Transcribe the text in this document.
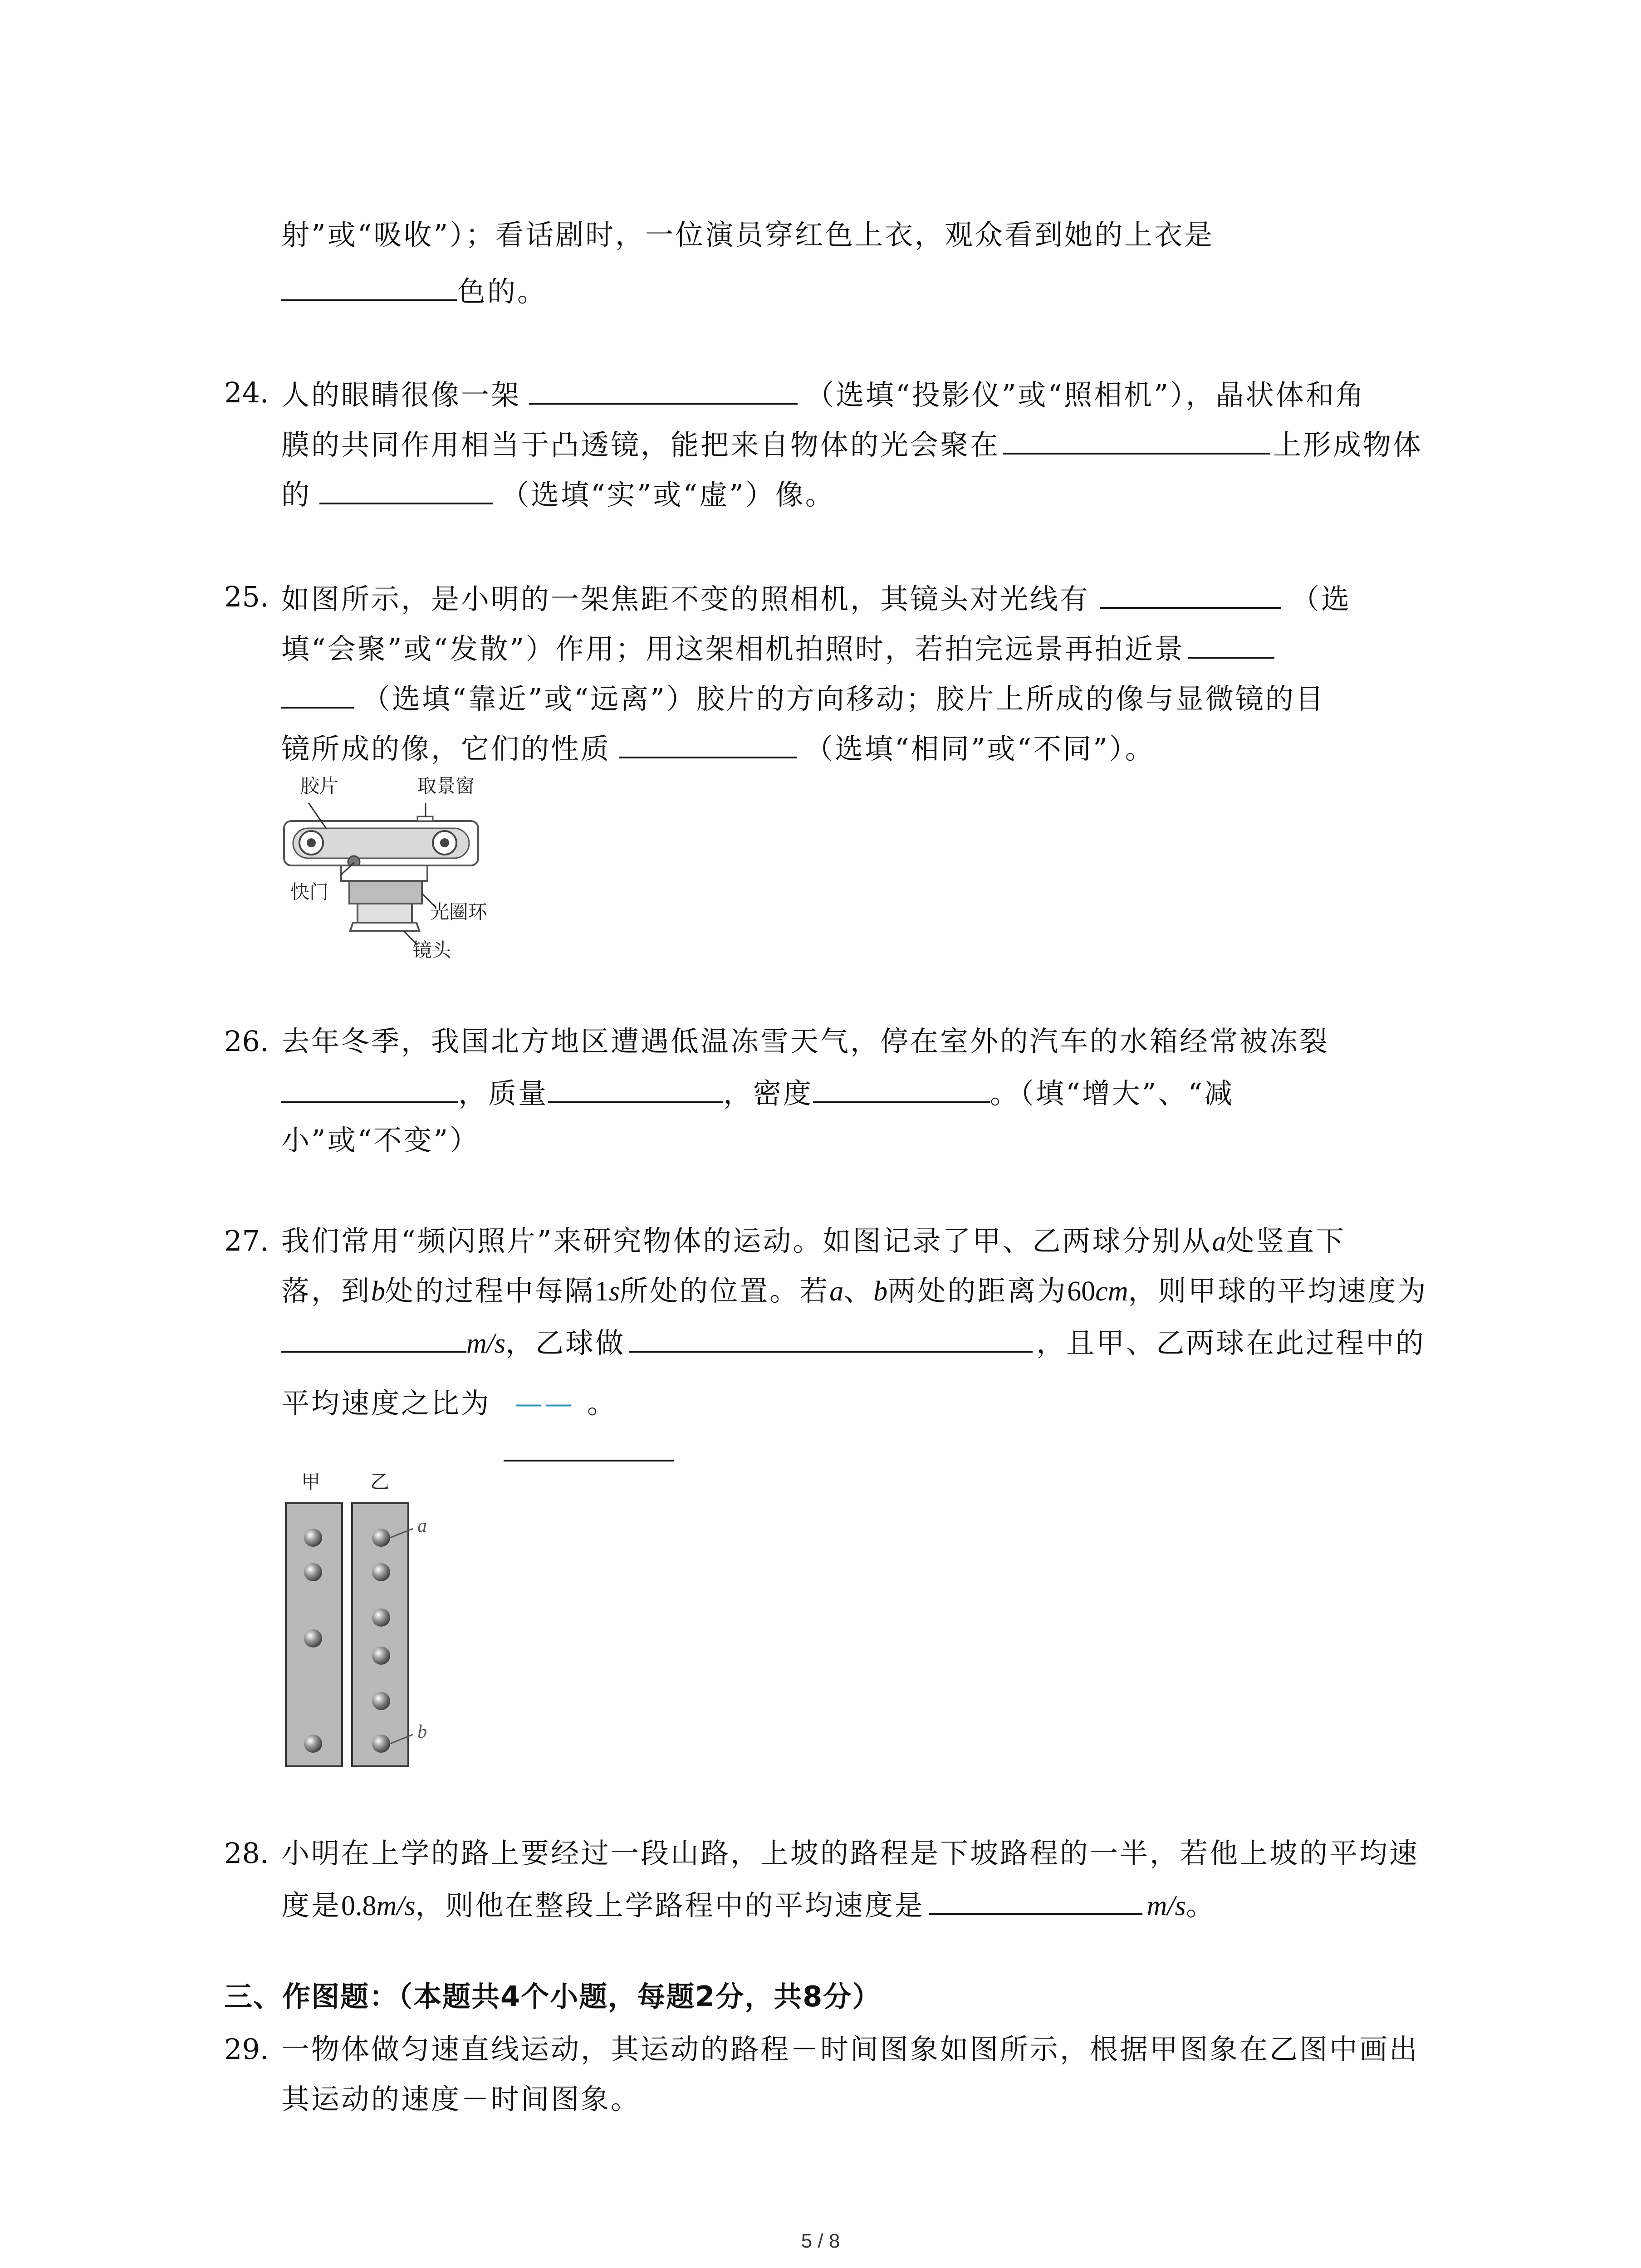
射”或“吸收”）；看话剧时，一位演员穿红色上衣，观众看到她的上衣是
色的。
24. 人的眼睛很像一架	（选填“投影仪”或“照相机”），晶状体和角
膜的共同作用相当于凸透镜，能把来自物体的光会聚在	上形成物体
的	（选填“实”或“虚”）像。
25. 如图所示，是小明的一架焦距不变的照相机，其镜头对光线有	（选
填“会聚”或“发散”）作用；用这架相机拍照时，若拍完远景再拍近景
（选填“靠近”或“远离”）胶片的方向移动；胶片上所成的像与显微镜的目
镜所成的像，它们的性质	（选填“相同”或“不同”）。
胶片	取景窗
快门
光圈环
镜头
26. 去年冬季，我国北方地区遭遇低温冻雪天气，停在室外的汽车的水箱经常被冻裂
，质量	，密度	。（填“增大”、“减
小”或“不变”）
27. 我们常用“频闪照片”来研究物体的运动。如图记录了甲、乙两球分别从a处竖直下
落，到b处的过程中每隔1s所处的位置。若a、b两处的距离为60cm，则甲球的平均速度为
m/s，乙球做	，且甲、乙两球在此过程中的
平均速度之比为 —— 。
甲	乙
a
b
28. 小明在上学的路上要经过一段山路，上坡的路程是下坡路程的一半，若他上坡的平均速
度是0.8m/s，则他在整段上学路程中的平均速度是	m/s。
三、作图题：（本题共4个小题，每题2分，共8分）
29. 一物体做匀速直线运动，其运动的路程－时间图象如图所示，根据甲图象在乙图中画出
其运动的速度－时间图象。
5 / 8
